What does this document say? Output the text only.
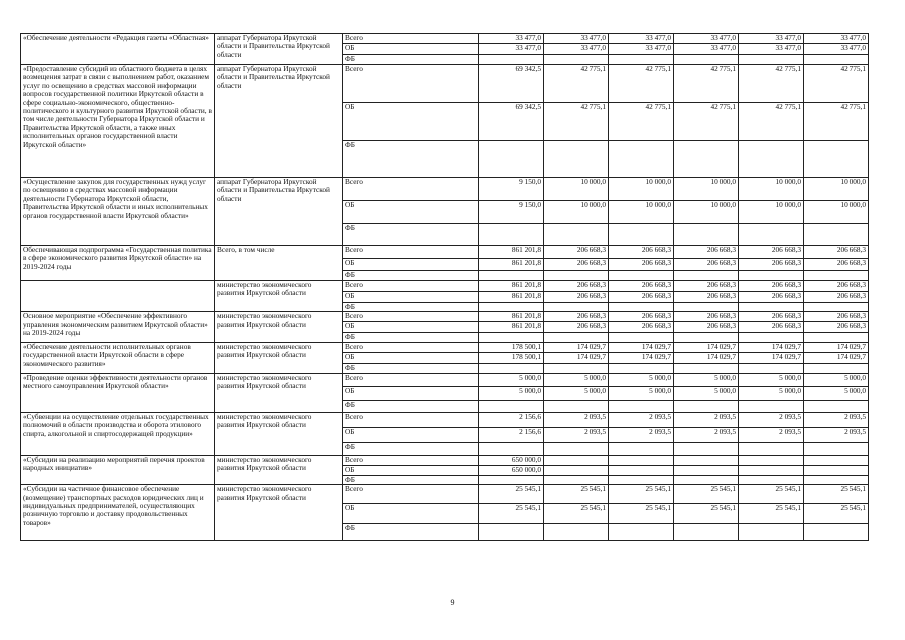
«Обеспечение деятельности «Редакция газеты «Областная»	аппарат Губернатора Иркутской области и Правительства Иркутской области	Всего	33 477,0	33 477,0	33 477,0	33 477,0	33 477,0	33 477,0
		ОБ	33 477,0	33 477,0	33 477,0	33 477,0	33 477,0	33 477,0
		ФБ						
«Предоставление субсидий из областного бюджета в целях возмещения затрат в связи с выполнением работ, оказанием услуг по освещению в средствах массовой информации вопросов государственной политики Иркутской области в сфере социально-экономического, общественно-политического и культурного развития Иркутской области, в том числе деятельности Губернатора Иркутской области и Правительства Иркутской области, а также иных исполнительных органов государственной власти Иркутской области»	аппарат Губернатора Иркутской области и Правительства Иркутской области	Всего	69 342,5	42 775,1	42 775,1	42 775,1	42 775,1	42 775,1
		ОБ	69 342,5	42 775,1	42 775,1	42 775,1	42 775,1	42 775,1
		ФБ						
«Осуществление закупок для государственных нужд услуг по освещению в средствах массовой информации деятельности Губернатора Иркутской области, Правительства Иркутской области и иных исполнительных органов государственной власти Иркутской области»	аппарат Губернатора Иркутской области и Правительства Иркутской области	Всего	9 150,0	10 000,0	10 000,0	10 000,0	10 000,0	10 000,0
		ОБ	9 150,0	10 000,0	10 000,0	10 000,0	10 000,0	10 000,0
		ФБ						
Обеспечивающая подпрограмма «Государственная политика в сфере экономического развития Иркутской области» на 2019-2024 годы	Всего, в том числе	Всего	861 201,8	206 668,3	206 668,3	206 668,3	206 668,3	206 668,3
		ОБ	861 201,8	206 668,3	206 668,3	206 668,3	206 668,3	206 668,3
		ФБ						
	министерство экономического развития Иркутской области	Всего	861 201,8	206 668,3	206 668,3	206 668,3	206 668,3	206 668,3
		ОБ	861 201,8	206 668,3	206 668,3	206 668,3	206 668,3	206 668,3
		ФБ						
Основное мероприятие «Обеспечение эффективного управления экономическим развитием Иркутской области» на 2019-2024 годы	министерство экономического развития Иркутской области	Всего	861 201,8	206 668,3	206 668,3	206 668,3	206 668,3	206 668,3
		ОБ	861 201,8	206 668,3	206 668,3	206 668,3	206 668,3	206 668,3
		ФБ						
«Обеспечение деятельности исполнительных органов государственной власти Иркутской области в сфере экономического развития»	министерство экономического развития Иркутской области	Всего	178 500,1	174 029,7	174 029,7	174 029,7	174 029,7	174 029,7
		ОБ	178 500,1	174 029,7	174 029,7	174 029,7	174 029,7	174 029,7
		ФБ						
«Проведение оценки эффективности деятельности органов местного самоуправления Иркутской области»	министерство экономического развития Иркутской области	Всего	5 000,0	5 000,0	5 000,0	5 000,0	5 000,0	5 000,0
		ОБ	5 000,0	5 000,0	5 000,0	5 000,0	5 000,0	5 000,0
		ФБ						
«Субвенции на осуществление отдельных государственных полномочий в области производства и оборота этилового спирта, алкогольной и спиртосодержащей продукции»	министерство экономического развития Иркутской области	Всего	2 156,6	2 093,5	2 093,5	2 093,5	2 093,5	2 093,5
		ОБ	2 156,6	2 093,5	2 093,5	2 093,5	2 093,5	2 093,5
		ФБ						
«Субсидии на реализацию мероприятий перечня проектов народных инициатив»	министерство экономического развития Иркутской области	Всего	650 000,0					
		ОБ	650 000,0					
		ФБ						
«Субсидии на частичное финансовое обеспечение (возмещение) транспортных расходов юридических лиц и индивидуальных предпринимателей, осуществляющих розничную торговлю и доставку продовольственных товаров»	министерство экономического развития Иркутской области	Всего	25 545,1	25 545,1	25 545,1	25 545,1	25 545,1	25 545,1
		ОБ	25 545,1	25 545,1	25 545,1	25 545,1	25 545,1	25 545,1
		ФБ						
9
